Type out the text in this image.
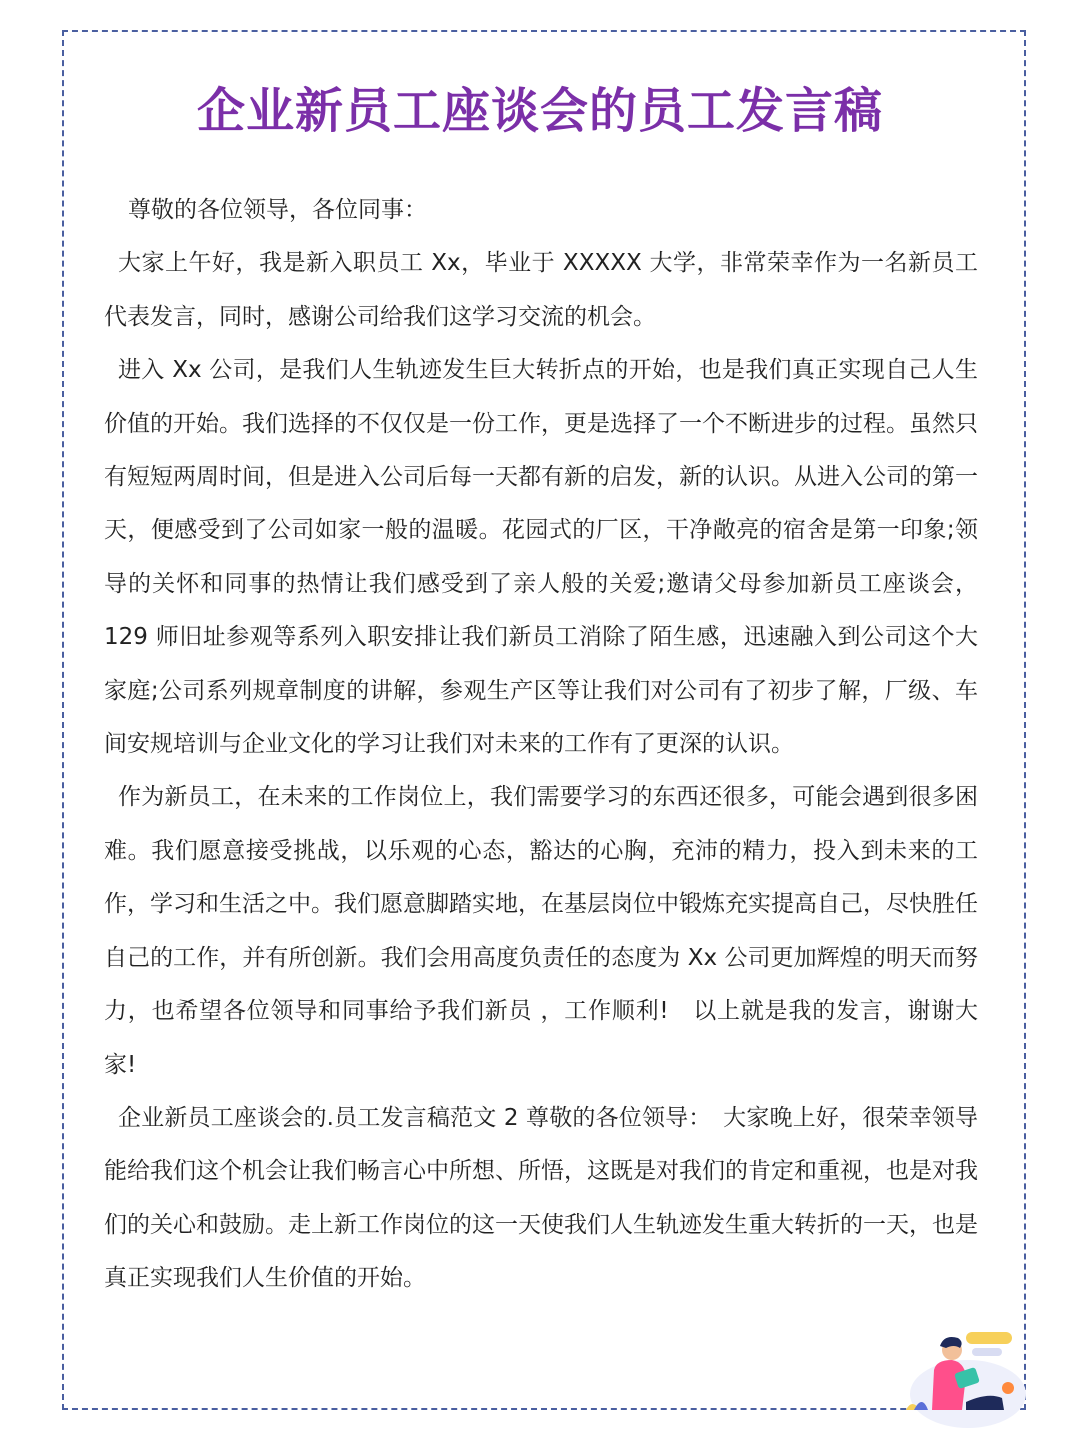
企业新员工座谈会的员工发言稿

尊敬的各位领导，各位同事：

大家上午好，我是新入职员工 Xx，毕业于 XXXXX 大学，非常荣幸作为一名新员工代表发言，同时，感谢公司给我们这学习交流的机会。

进入 Xx 公司，是我们人生轨迹发生巨大转折点的开始，也是我们真正实现自己人生价值的开始。我们选择的不仅仅是一份工作，更是选择了一个不断进步的过程。虽然只有短短两周时间，但是进入公司后每一天都有新的启发，新的认识。从进入公司的第一天，便感受到了公司如家一般的温暖。花园式的厂区，干净敞亮的宿舍是第一印象;领导的关怀和同事的热情让我们感受到了亲人般的关爱;邀请父母参加新员工座谈会，129 师旧址参观等系列入职安排让我们新员工消除了陌生感，迅速融入到公司这个大家庭;公司系列规章制度的讲解，参观生产区等让我们对公司有了初步了解，厂级、车间安规培训与企业文化的学习让我们对未来的工作有了更深的认识。

作为新员工，在未来的工作岗位上，我们需要学习的东西还很多，可能会遇到很多困难。我们愿意接受挑战，以乐观的心态，豁达的心胸，充沛的精力，投入到未来的工作，学习和生活之中。我们愿意脚踏实地，在基层岗位中锻炼充实提高自己，尽快胜任自己的工作，并有所创新。我们会用高度负责任的态度为 Xx 公司更加辉煌的明天而努力，也希望各位领导和同事给予我们新员 ，工作顺利!　以上就是我的发言，谢谢大家!

企业新员工座谈会的.员工发言稿范文 2 尊敬的各位领导：　大家晚上好，很荣幸领导能给我们这个机会让我们畅言心中所想、所悟，这既是对我们的肯定和重视，也是对我们的关心和鼓励。走上新工作岗位的这一天使我们人生轨迹发生重大转折的一天，也是真正实现我们人生价值的开始。
